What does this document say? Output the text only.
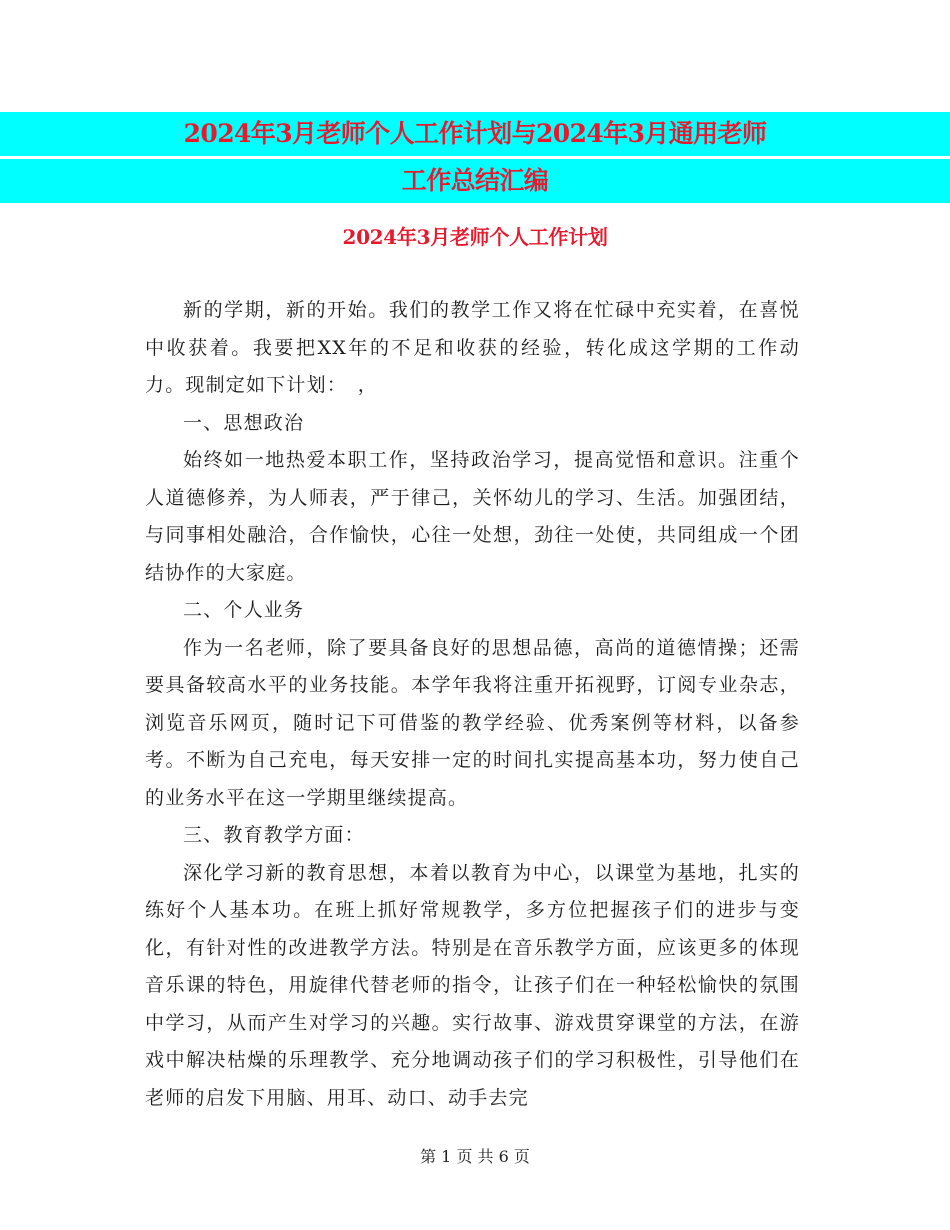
2024年3月老师个人工作计划与2024年3月通用老师
工作总结汇编
2024年3月老师个人工作计划

新的学期，新的开始。我们的教学工作又将在忙碌中充实着，在喜悦中收获着。我要把XX年的不足和收获的经验，转化成这学期的工作动力。现制定如下计划：　，

一、思想政治

始终如一地热爱本职工作，坚持政治学习，提高觉悟和意识。注重个人道德修养，为人师表，严于律己，关怀幼儿的学习、生活。加强团结，与同事相处融洽，合作愉快，心往一处想，劲往一处使，共同组成一个团结协作的大家庭。

二、个人业务

作为一名老师，除了要具备良好的思想品德，高尚的道德情操；还需要具备较高水平的业务技能。本学年我将注重开拓视野，订阅专业杂志，浏览音乐网页，随时记下可借鉴的教学经验、优秀案例等材料，以备参考。不断为自己充电，每天安排一定的时间扎实提高基本功，努力使自己的业务水平在这一学期里继续提高。

三、教育教学方面：

深化学习新的教育思想，本着以教育为中心，以课堂为基地，扎实的练好个人基本功。在班上抓好常规教学，多方位把握孩子们的进步与变化，有针对性的改进教学方法。特别是在音乐教学方面，应该更多的体现音乐课的特色，用旋律代替老师的指令，让孩子们在一种轻松愉快的氛围中学习，从而产生对学习的兴趣。实行故事、游戏贯穿课堂的方法，在游戏中解决枯燥的乐理教学、充分地调动孩子们的学习积极性，引导他们在老师的启发下用脑、用耳、动口、动手去完

第 1 页 共 6 页
